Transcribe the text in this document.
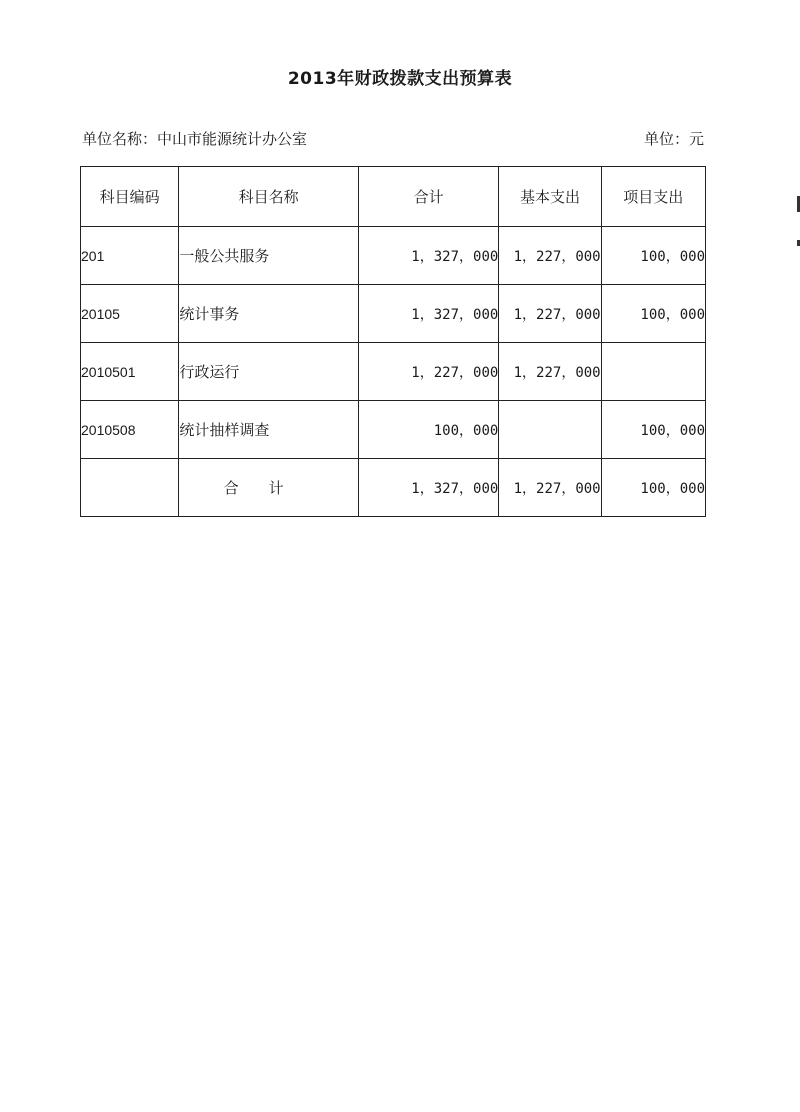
2013年财政拨款支出预算表
单位名称：中山市能源统计办公室	单位：元
科目编码	科目名称	合计	基本支出	项目支出
201	一般公共服务	1，327，000	1，227，000	100，000
20105	统计事务	1，327，000	1，227，000	100，000
2010501	行政运行	1，227，000	1，227，000	
2010508	统计抽样调查	100，000		100，000
	合计	1，327，000	1，227，000	100，000
